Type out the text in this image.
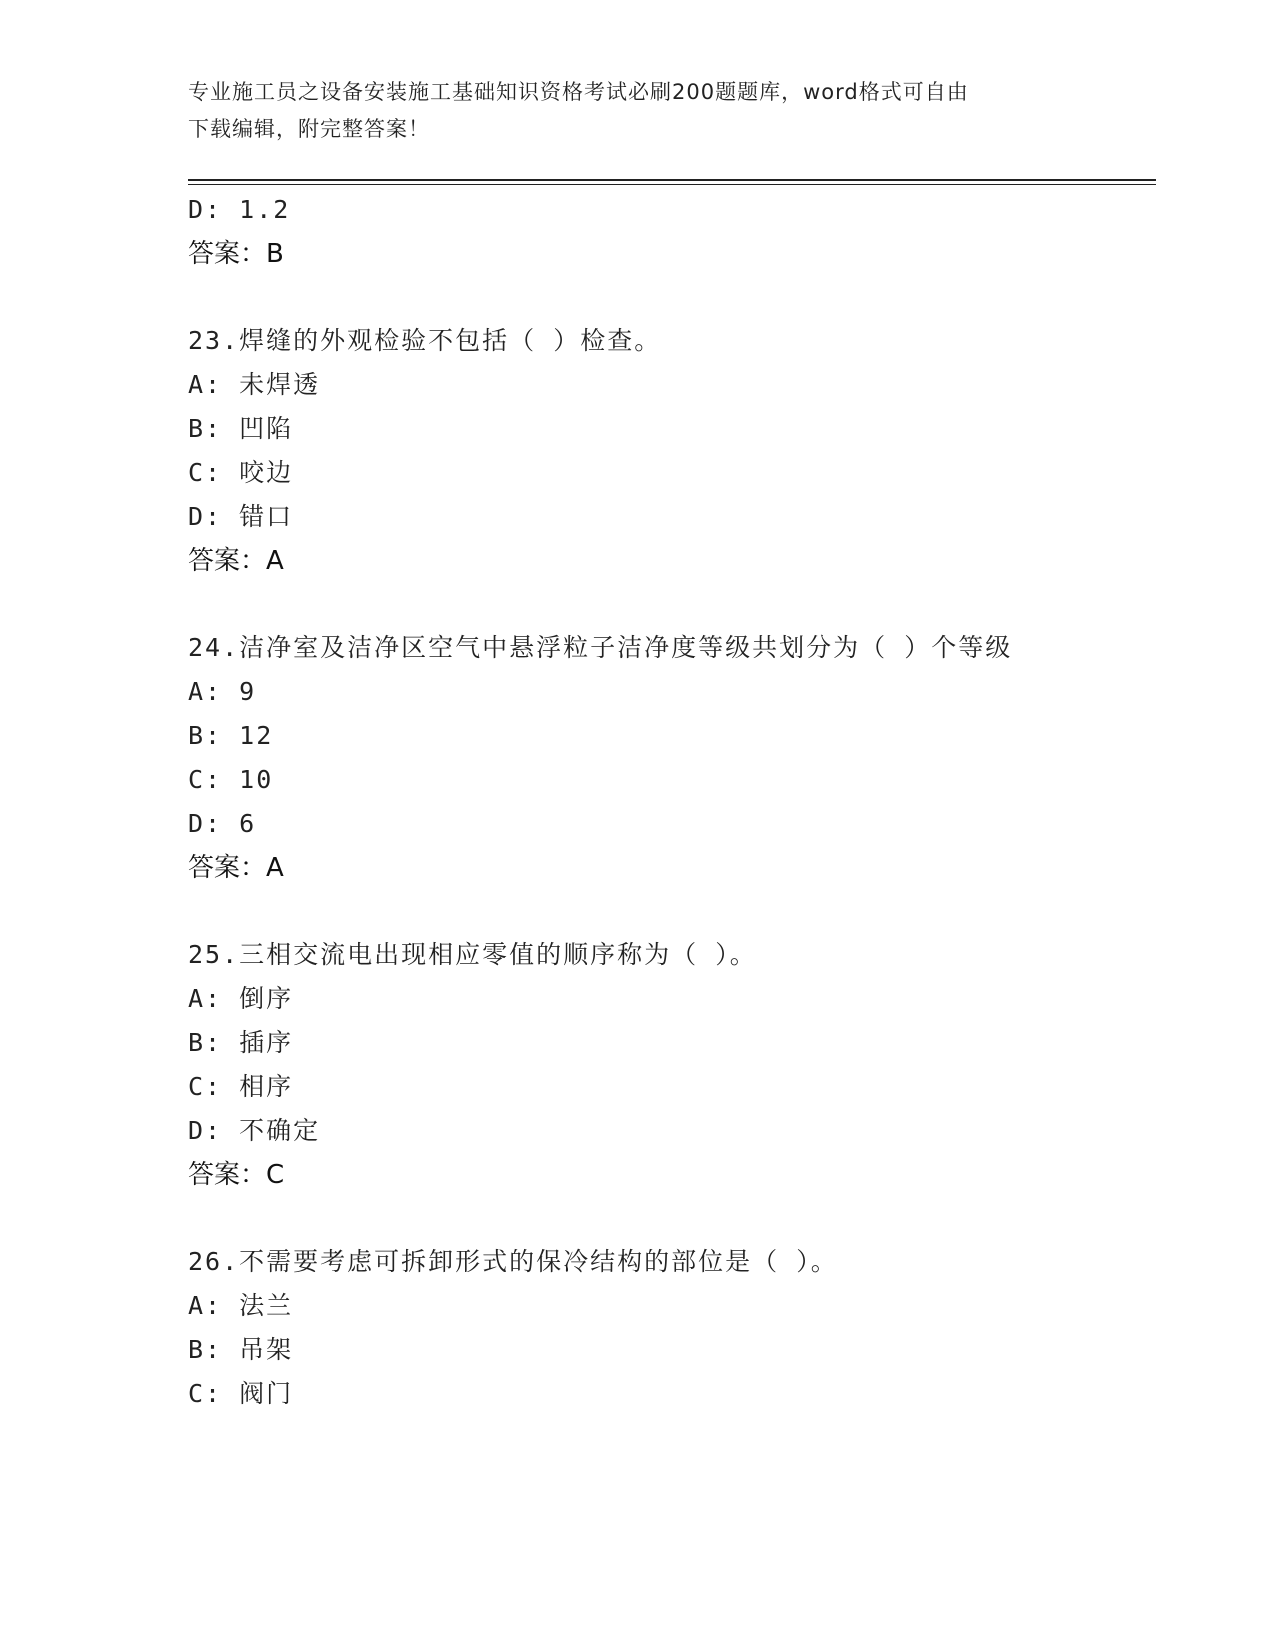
专业施工员之设备安装施工基础知识资格考试必刷200题题库，word格式可自由
下载编辑，附完整答案！
D: 1.2
答案：B
23.焊缝的外观检验不包括（ ）检查。
A: 未焊透
B: 凹陷
C: 咬边
D: 错口
答案：A
24.洁净室及洁净区空气中悬浮粒子洁净度等级共划分为（ ）个等级
A: 9
B: 12
C: 10
D: 6
答案：A
25.三相交流电出现相应零值的顺序称为（ ）。
A: 倒序
B: 插序
C: 相序
D: 不确定
答案：C
26.不需要考虑可拆卸形式的保冷结构的部位是（ ）。
A: 法兰
B: 吊架
C: 阀门
